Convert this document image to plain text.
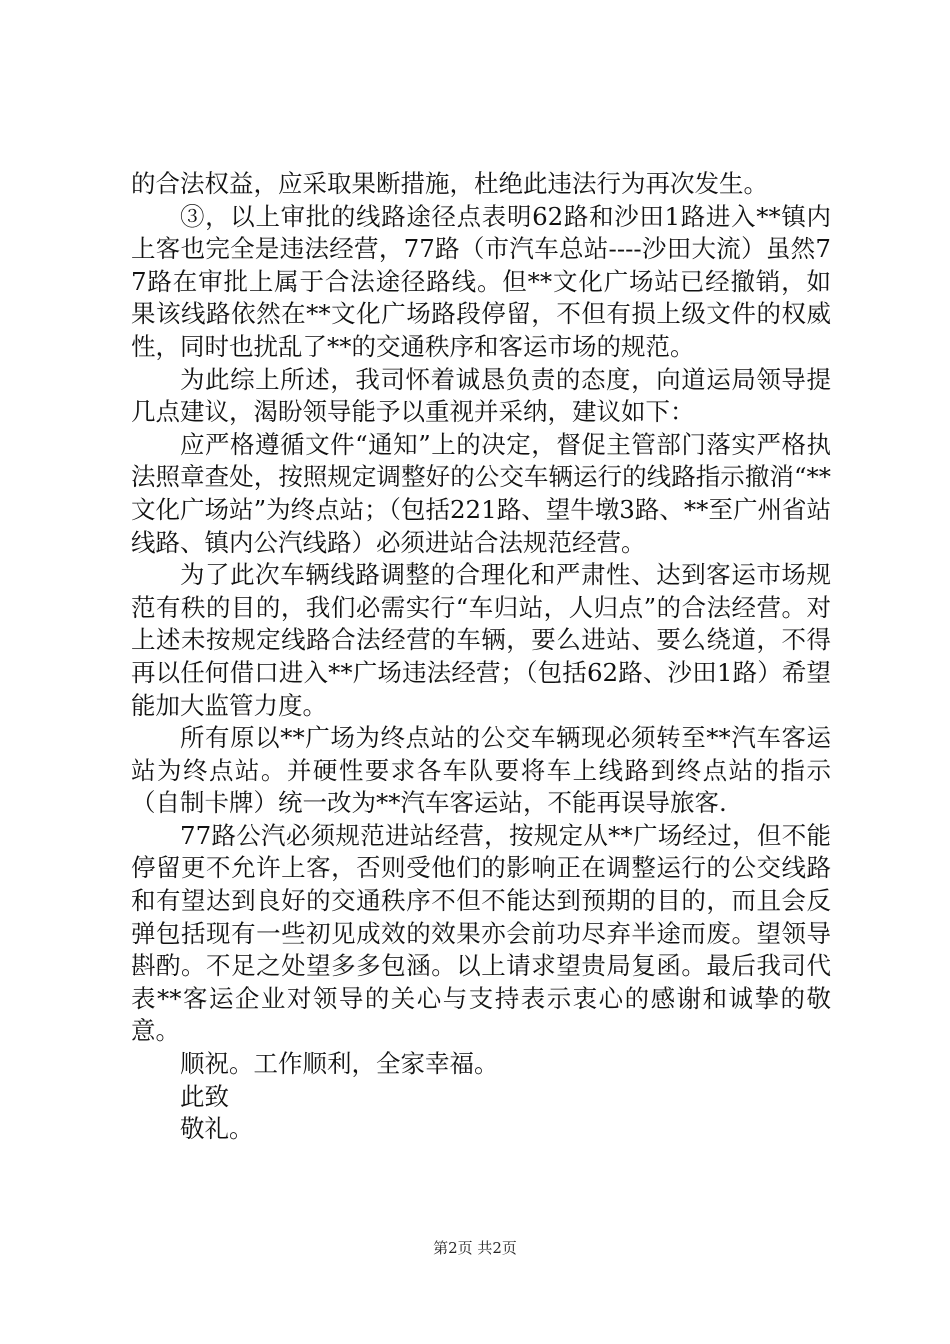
的合法权益，应采取果断措施，杜绝此违法行为再次发生。

③，以上审批的线路途径点表明62路和沙田1路进入**镇内上客也完全是违法经营，77路（市汽车总站----沙田大流）虽然77路在审批上属于合法途径路线。但**文化广场站已经撤销，如果该线路依然在**文化广场路段停留，不但有损上级文件的权威性，同时也扰乱了**的交通秩序和客运市场的规范。

为此综上所述，我司怀着诚恳负责的态度，向道运局领导提几点建议，渴盼领导能予以重视并采纳，建议如下：

应严格遵循文件“通知”上的决定，督促主管部门落实严格执法照章查处，按照规定调整好的公交车辆运行的线路指示撤消“**文化广场站”为终点站；（包括221路、望牛墩3路、**至广州省站线路、镇内公汽线路）必须进站合法规范经营。

为了此次车辆线路调整的合理化和严肃性、达到客运市场规范有秩的目的，我们必需实行“车归站，人归点”的合法经营。对上述未按规定线路合法经营的车辆，要么进站、要么绕道，不得再以任何借口进入**广场违法经营；（包括62路、沙田1路）希望能加大监管力度。

所有原以**广场为终点站的公交车辆现必须转至**汽车客运站为终点站。并硬性要求各车队要将车上线路到终点站的指示（自制卡牌）统一改为**汽车客运站，不能再误导旅客.

77路公汽必须规范进站经营，按规定从**广场经过，但不能停留更不允许上客，否则受他们的影响正在调整运行的公交线路和有望达到良好的交通秩序不但不能达到预期的目的，而且会反弹包括现有一些初见成效的效果亦会前功尽弃半途而废。望领导斟酌。不足之处望多多包涵。以上请求望贵局复函。最后我司代表**客运企业对领导的关心与支持表示衷心的感谢和诚挚的敬意。

顺祝。工作顺利，全家幸福。

此致

敬礼。

第2页 共2页
